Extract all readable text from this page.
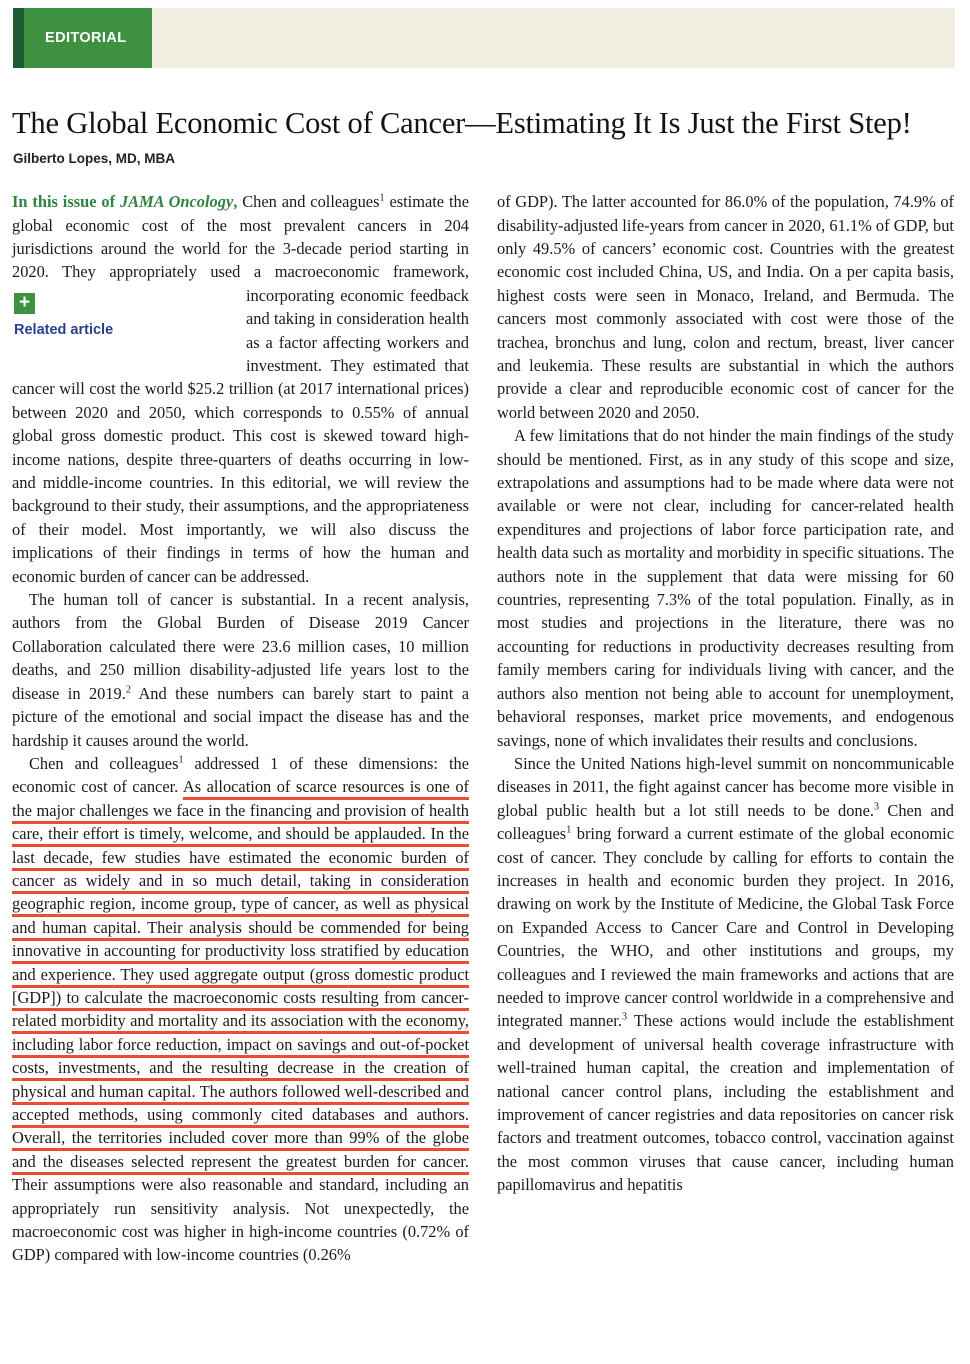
EDITORIAL
The Global Economic Cost of Cancer—Estimating It Is Just the First Step!
Gilberto Lopes, MD, MBA

In this issue of JAMA Oncology, Chen and colleagues$^1$ estimate the global economic cost of the most prevalent cancers in 204 jurisdictions around the world for the 3-decade period starting in 2020. They appropriately used a macroeconomic
+
Related article
framework, incorporating economic feedback and taking in consideration health as a factor affecting workers and investment. They estimated that cancer will cost the world $25.2 trillion (at 2017 international prices) between 2020 and 2050, which corresponds to 0.55% of annual global gross domestic product. This cost is skewed toward high-income nations, despite three-quarters of deaths occurring in low- and middle-income countries. In this editorial, we will review the background to their study, their assumptions, and the appropriateness of their model. Most importantly, we will also discuss the implications of their findings in terms of how the human and economic burden of cancer can be addressed.

The human toll of cancer is substantial. In a recent analysis, authors from the Global Burden of Disease 2019 Cancer Collaboration calculated there were 23.6 million cases, 10 million deaths, and 250 million disability-adjusted life years lost to the disease in 2019.$^2$ And these numbers can barely start to paint a picture of the emotional and social impact the disease has and the hardship it causes around the world.

Chen and colleagues$^1$ addressed 1 of these dimensions: the economic cost of cancer. As allocation of scarce resources is one of the major challenges we face in the financing and provision of health care, their effort is timely, welcome, and should be applauded. In the last decade, few studies have estimated the economic burden of cancer as widely and in so much detail, taking in consideration geographic region, income group, type of cancer, as well as physical and human capital. Their analysis should be commended for being innovative in accounting for productivity loss stratified by education and experience. They used aggregate output (gross domestic product [GDP]) to calculate the macroeconomic costs resulting from cancer-related morbidity and mortality and its association with the economy, including labor force reduction, impact on savings and out-of-pocket costs, investments, and the resulting decrease in the creation of physical and human capital. The authors followed well-described and accepted methods, using commonly cited databases and authors. Overall, the territories included cover more than 99% of the globe and the diseases selected represent the greatest burden for cancer. Their assumptions were also reasonable and standard, including an appropriately run sensitivity analysis. Not unexpectedly, the macroeconomic cost was higher in high-income countries (0.72% of GDP) compared with low-income countries (0.26%

of GDP). The latter accounted for 86.0% of the population, 74.9% of disability-adjusted life-years from cancer in 2020, 61.1% of GDP, but only 49.5% of cancers’ economic cost. Countries with the greatest economic cost included China, US, and India. On a per capita basis, highest costs were seen in Monaco, Ireland, and Bermuda. The cancers most commonly associated with cost were those of the trachea, bronchus and lung, colon and rectum, breast, liver cancer and leukemia. These results are substantial in which the authors provide a clear and reproducible economic cost of cancer for the world between 2020 and 2050.

A few limitations that do not hinder the main findings of the study should be mentioned. First, as in any study of this scope and size, extrapolations and assumptions had to be made where data were not available or were not clear, including for cancer-related health expenditures and projections of labor force participation rate, and health data such as mortality and morbidity in specific situations. The authors note in the supplement that data were missing for 60 countries, representing 7.3% of the total population. Finally, as in most studies and projections in the literature, there was no accounting for reductions in productivity decreases resulting from family members caring for individuals living with cancer, and the authors also mention not being able to account for unemployment, behavioral responses, market price movements, and endogenous savings, none of which invalidates their results and conclusions.

Since the United Nations high-level summit on noncommunicable diseases in 2011, the fight against cancer has become more visible in global public health but a lot still needs to be done.$^3$ Chen and colleagues$^1$ bring forward a current estimate of the global economic cost of cancer. They conclude by calling for efforts to contain the increases in health and economic burden they project. In 2016, drawing on work by the Institute of Medicine, the Global Task Force on Expanded Access to Cancer Care and Control in Developing Countries, the WHO, and other institutions and groups, my colleagues and I reviewed the main frameworks and actions that are needed to improve cancer control worldwide in a comprehensive and integrated manner.$^3$ These actions would include the establishment and development of universal health coverage infrastructure with well-trained human capital, the creation and implementation of national cancer control plans, including the establishment and improvement of cancer registries and data repositories on cancer risk factors and treatment outcomes, tobacco control, vaccination against the most common viruses that cause cancer, including human papillomavirus and hepatitis
